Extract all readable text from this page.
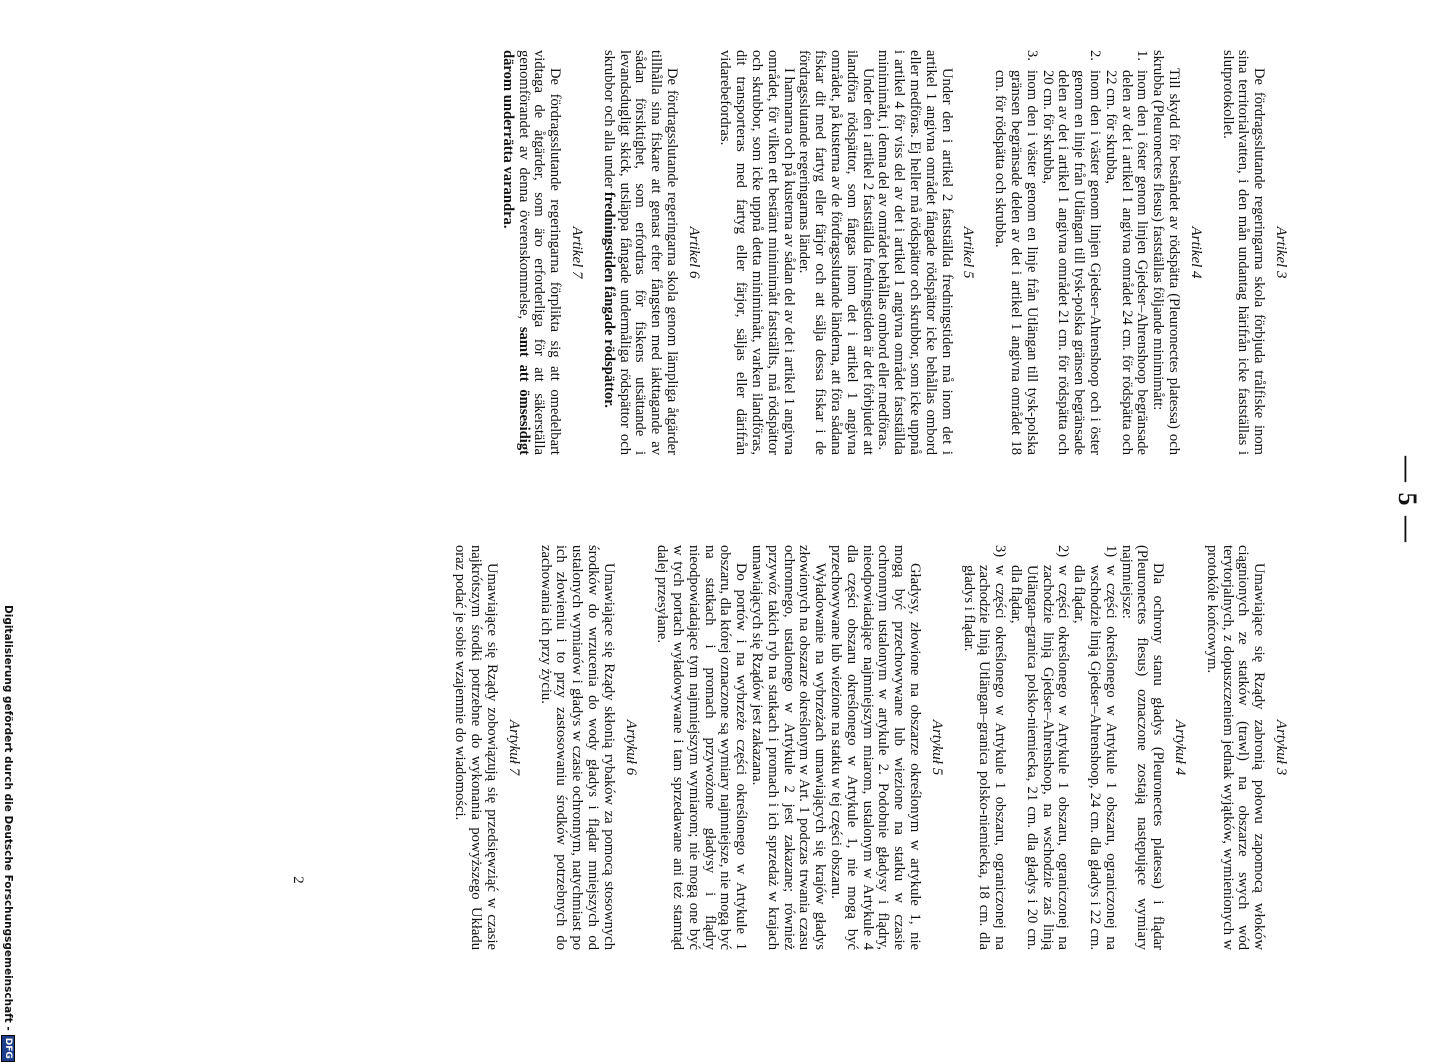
— 5 —
Artikel 3

De fördragsslutande regeringarna skola förbjuda trålfiske inom sina territorialvatten, i den mån undantag härifrån icke fastställas i slutprotokollet.

Artikel 4

Till skydd för beståndet av rödspätta (Pleuronectes platessa) och skrubba (Pleuronectes flesus) fastställas följande minimimått:

1.
inom den i öster genom linjen Gjedser–Ahrenshoop begränsade delen av det i artikel 1 angivna området 24 cm. för rödspätta och 22 cm. för skrubba,
2.
inom den i väster genom linjen Gjedser–Ahrenshoop och i öster genom en linje från Utlängan till tysk-polska gränsen begränsade delen av det i artikel 1 angivna området 21 cm. för rödspätta och 20 cm. för skrubba,
3.
inom den i väster genom en linje från Utlängan till tysk-polska gränsen begränsade delen av det i artikel 1 angivna området 18 cm. för rödspätta och skrubba.
Artikel 5

Under den i artikel 2 fastställda fredningstiden må inom det i artikel 1 angivna området fångade rödspättor icke behållas ombord eller medföras. Ej heller må rödspättor och skrubbor, som icke uppnå i artikel 4 för viss del av det i artikel 1 angivna området fastställda minimimått, i denna del av området behållas ombord eller medföras.

Under den i artikel 2 fastställda fredningstiden är det förbjudet att ilandföra rödspättor, som fångas inom det i artikel 1 angivna området, på kusterna av de fördragsslutande länderna, att föra sådana fiskar dit med fartyg eller färjor och att sälja dessa fiskar i de fördragsslutande regeringarnas länder.

I hamnarna och på kusterna av sådan del av det i artikel 1 angivna området, för vilken ett bestämt minimimått fastställts, må rödspättor och skrubbor, som icke uppnå detta minimimått, varken ilandföras, dit transporteras med fartyg eller färjor, säljas eller därifrån vidarebefordras.

Artikel 6

De fördragsslutande regeringarna skola genom lämpliga åtgärder tillhålla sina fiskare att genast efter fångsten med iakttagande av sådan försiktighet, som erfordras för fiskens utsättande i levandsdugligt skick, utsläppa fångade undermåliga rödspättor och skrubbor och alla under fredningstiden fångade rödspättor.

Artikel 7

De fördragsslutande regeringarna förplikta sig att omedelbart vidtaga de åtgärder, som äro erforderliga för att säkerställa genomförandet av denna överenskommelse, samt att ömsesidigt därom underrätta varandra.

Artykuł 3

Umawiające się Rządy zabronią połowu zapomocą włoków ciągnionych ze statków (trawl) na obszarze swych wód terytorjalnych, z dopuszczeniem jednak wyjątków, wymienionych w protokóle końcowym.

Artykuł 4

Dla ochrony stanu gładys (Pleuronectes platessa) i flądar (Pleuronectes flesus) oznaczone zostają następujące wymiary najmniejsze:

1)
w części określonego w Artykule 1 obszaru, ograniczonej na wschodzie linją Gjedser–Ahrenshoop, 24 cm. dla gładys i 22 cm. dla flądar,
2)
w części określonego w Artykule 1 obszaru, ograniczonej na zachodzie linją Gjedser–Ahrenshoop, na wschodzie zaś linją Utlängan–granica polsko-niemiecka, 21 cm. dla gładys i 20 cm. dla flądar,
3)
w części określonego w Artykule 1 obszaru, ograniczonej na zachodzie linją Utlängan–granica polsko-niemiecka, 18 cm. dla gładys i flądar.
Artykuł 5

Gładysy, złowione na obszarze określonym w artykule 1, nie mogą być przechowywane lub wiezione na statku w czasie ochronnym ustalonym w artykule 2. Podobnie gładysy i flądry, nieodpowiadające najmniejszym miarom, ustalonym w Artykule 4 dla części obszaru określonego w Artykule 1, nie mogą być przechowywane lub wiezione na statku w tej części obszaru.

Wyładowanie na wybrzeżach umawiających się krajów gładys złowionych na obszarze określonym w Art. 1 podczas trwania czasu ochronnego, ustalonego w Artykule 2 jest zakazane; również przywóz takich ryb na statkach i promach i ich sprzedaż w krajach umawiających się Rządów jest zakazana.

Do portów i na wybrzeże części określonego w Artykule 1 obszaru, dla której oznaczone są wymiary najmniejsze, nie mogą być na statkach i promach przywożone gładysy i flądry nieodpowiadające tym najmniejszym wymiarom; nie mogą one być w tych portach wyładowywane i tam sprzedawane ani też stamtąd dalej przesyłane.

Artykuł 6

Umawiające się Rządy skłonią rybaków za pomocą stosownych środków do wrzucenia do wody gładys i flądar mniejszych od ustalonych wymiarów i gładys w czasie ochronnym, natychmiast po ich złowieniu i to przy zastosowaniu środków potrzebnych do zachowania ich przy życiu.

Artykuł 7

Umawiające się Rządy zobowiązują się przedsięwziąć w czasie najkrótszym środki potrzebne do wykonania powyższego Układu oraz podać je sobie wzajemnie do wiadomości.

2
Digitalisierung gefördert durch die Deutsche Forschungsgemeinschaft -
DFG
